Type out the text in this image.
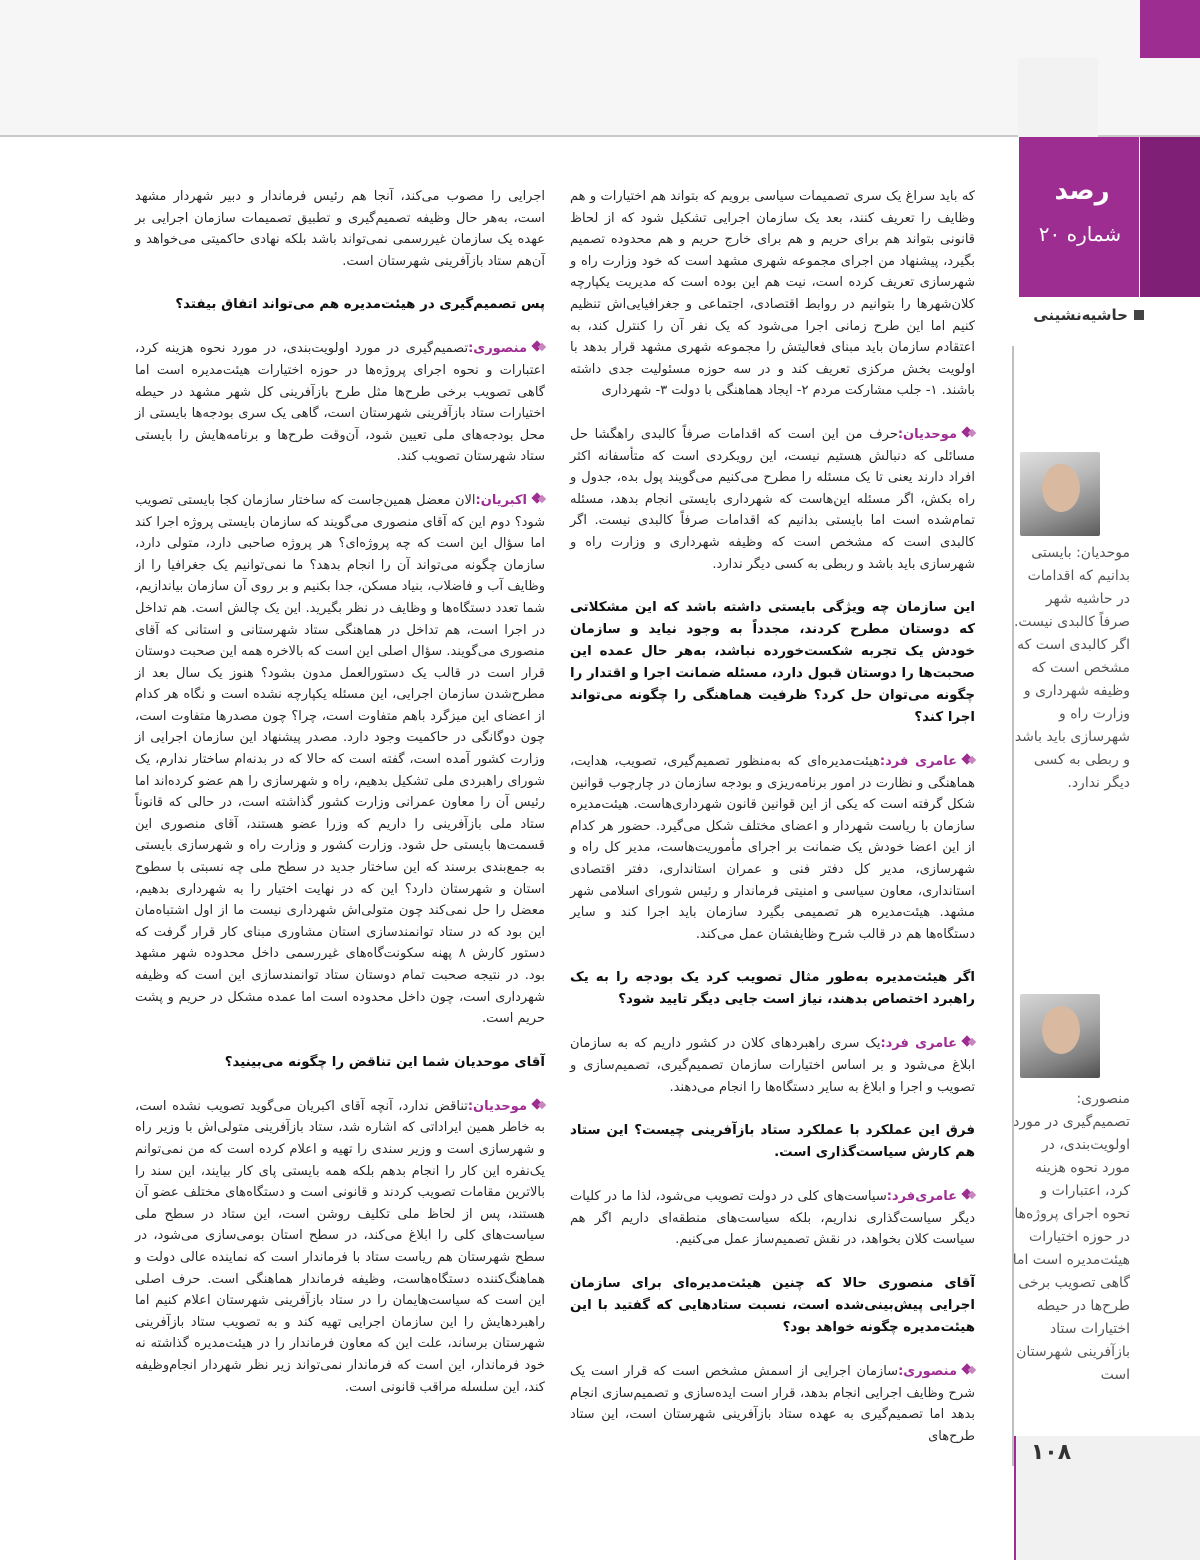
رصد
شماره ۲۰
حاشیه‌نشینی
موحدیان: بایستی بدانیم که اقدامات در حاشیه شهر صرفاً کالبدی نیست. اگر کالبدی است که مشخص است که وظیفه شهرداری و وزارت راه و شهرسازی باید باشد و ربطی به کسی دیگر ندارد.
منصوری: تصمیم‌گیری در مورد اولویت‌بندی، در مورد نحوه هزینه کرد، اعتبارات و نحوه اجرای پروژه‌ها در حوزه اختیارات هیئت‌مدیره است اما گاهی تصویب برخی طرح‌ها در حیطه اختیارات ستاد بازآفرینی شهرستان است

که باید سراغ یک سری تصمیمات سیاسی برویم که بتواند هم اختیارات و هم وظایف را تعریف کنند، بعد یک سازمان اجرایی تشکیل شود که از لحاظ قانونی بتواند هم برای حریم و هم برای خارج حریم و هم محدوده تصمیم بگیرد، پیشنهاد من اجرای مجموعه شهری مشهد است که خود وزارت راه و شهرسازی تعریف کرده است، نیت هم این بوده است که مدیریت یکپارچه کلان‌شهرها را بتوانیم در روابط اقتصادی، اجتماعی و جغرافیایی‌اش تنظیم کنیم اما این طرح زمانی اجرا می‌شود که یک نفر آن را کنترل کند، به اعتقادم سازمان باید مبنای فعالیتش را مجموعه شهری مشهد قرار بدهد با اولویت بخش مرکزی تعریف کند و در سه حوزه مسئولیت جدی داشته باشند. ۱- جلب مشارکت مردم ۲- ایجاد هماهنگی با دولت ۳- شهرداری

موحدیان:حرف من این است که اقدامات صرفاً کالبدی راهگشا حل مسائلی که دنبالش هستیم نیست، این رویکردی است که متأسفانه اکثر افراد دارند یعنی تا یک مسئله را مطرح می‌کنیم می‌گویند پول بده، جدول و راه بکش، اگر مسئله این‌هاست که شهرداری بایستی انجام بدهد، مسئله تمام‌شده است اما بایستی بدانیم که اقدامات صرفاً کالبدی نیست. اگر کالبدی است که مشخص است که وظیفه شهرداری و وزارت راه و شهرسازی باید باشد و ربطی به کسی دیگر ندارد.

این سازمان چه ویژگی بایستی داشته باشد که این مشکلاتی که دوستان مطرح کردند، مجدداً به وجود نیاید و سازمان خودش یک تجربه شکست‌خورده نباشد، به‌هر حال عمده این صحبت‌ها را دوستان قبول دارد، مسئله ضمانت اجرا و اقتدار را چگونه می‌توان حل کرد؟ ظرفیت هماهنگی را چگونه می‌تواند اجرا کند؟

عامری فرد:هیئت‌مدیره‌ای که به‌منظور تصمیم‌گیری، تصویب، هدایت، هماهنگی و نظارت در امور برنامه‌ریزی و بودجه سازمان در چارچوب قوانین شکل گرفته است که یکی از این قوانین قانون شهرداری‌هاست. هیئت‌مدیره سازمان با ریاست شهردار و اعضای مختلف شکل می‌گیرد. حضور هر کدام از این اعضا خودش یک ضمانت بر اجرای مأموریت‌هاست، مدیر کل راه و شهرسازی، مدیر کل دفتر فنی و عمران استانداری، دفتر اقتصادی استانداری، معاون سیاسی و امنیتی فرماندار و رئیس شورای اسلامی شهر مشهد. هیئت‌مدیره هر تصمیمی بگیرد سازمان باید اجرا کند و سایر دستگاه‌ها هم در قالب شرح وظایفشان عمل می‌کند.

اگر هیئت‌مدیره به‌طور مثال تصویب کرد یک بودجه را به یک راهبرد اختصاص بدهند، نیاز است جایی دیگر تایید شود؟

عامری فرد:یک سری راهبردهای کلان در کشور داریم که به سازمان ابلاغ می‌شود و بر اساس اختیارات سازمان تصمیم‌گیری، تصمیم‌سازی و تصویب و اجرا و ابلاغ به سایر دستگاه‌ها را انجام می‌دهند.

فرق این عملکرد با عملکرد ستاد بازآفرینی چیست؟ این ستاد هم کارش سیاست‌گذاری است.

عامری‌فرد:سیاست‌های کلی در دولت تصویب می‌شود، لذا ما در کلیات دیگر سیاست‌گذاری نداریم، بلکه سیاست‌های منطقه‌ای داریم اگر هم سیاست کلان بخواهد، در نقش تصمیم‌ساز عمل می‌کنیم.

آقای منصوری حالا که چنین هیئت‌مدیره‌ای برای سازمان اجرایی پیش‌بینی‌شده است، نسبت ستادهایی که گفتید با این هیئت‌مدیره چگونه خواهد بود؟

منصوری:سازمان اجرایی از اسمش مشخص است که قرار است یک شرح وظایف اجرایی انجام بدهد، قرار است ایده‌سازی و تصمیم‌سازی انجام بدهد اما تصمیم‌گیری به عهده ستاد بازآفرینی شهرستان است، این ستاد طرح‌های

اجرایی را مصوب می‌کند، آنجا هم رئیس فرماندار و دبیر شهردار مشهد است، به‌هر حال وظیفه تصمیم‌گیری و تطبیق تصمیمات سازمان اجرایی بر عهده یک سازمان غیررسمی نمی‌تواند باشد بلکه نهادی حاکمیتی می‌خواهد و آن‌هم ستاد بازآفرینی شهرستان است.

پس تصمیم‌گیری در هیئت‌مدیره هم می‌تواند اتفاق بیفتد؟

منصوری:تصمیم‌گیری در مورد اولویت‌بندی، در مورد نحوه هزینه کرد، اعتبارات و نحوه اجرای پروژه‌ها در حوزه اختیارات هیئت‌مدیره است اما گاهی تصویب برخی طرح‌ها مثل طرح بازآفرینی کل شهر مشهد در حیطه اختیارات ستاد بازآفرینی شهرستان است، گاهی یک سری بودجه‌ها بایستی از محل بودجه‌های ملی تعیین شود، آن‌وقت طرح‌ها و برنامه‌هایش را بایستی ستاد شهرستان تصویب کند.

اکبریان:الان معضل همین‌جاست که ساختار سازمان کجا بایستی تصویب شود؟ دوم این که آقای منصوری می‌گویند که سازمان بایستی پروژه اجرا کند اما سؤال این است که چه پروژه‌ای؟ هر پروژه صاحبی دارد، متولی دارد، سازمان چگونه می‌تواند آن را انجام بدهد؟ ما نمی‌توانیم یک جغرافیا را از وظایف آب و فاضلاب، بنیاد مسکن، جدا بکنیم و بر روی آن سازمان بیاندازیم، شما تعدد دستگاه‌ها و وظایف در نظر بگیرید. این یک چالش است. هم تداخل در اجرا است، هم تداخل در هماهنگی ستاد شهرستانی و استانی که آقای منصوری می‌گویند. سؤال اصلی این است که بالاخره همه این صحبت دوستان قرار است در قالب یک دستورالعمل مدون بشود؟ هنوز یک سال بعد از مطرح‌شدن سازمان اجرایی، این مسئله یکپارچه نشده است و نگاه هر کدام از اعضای این میزگرد باهم متفاوت است، چرا؟ چون مصدرها متفاوت است، چون دوگانگی در حاکمیت وجود دارد. مصدر پیشنهاد این سازمان اجرایی از وزارت کشور آمده است، گفته است که حالا که در بدنه‌ام ساختار ندارم، یک شورای راهبردی ملی تشکیل بدهیم، راه و شهرسازی را هم عضو کرده‌اند اما رئیس آن را معاون عمرانی وزارت کشور گذاشته است، در حالی که قانوناً ستاد ملی بازآفرینی را داریم که وزرا عضو هستند، آقای منصوری این قسمت‌ها بایستی حل شود. وزارت کشور و وزارت راه و شهرسازی بایستی به جمع‌بندی برسند که این ساختار جدید در سطح ملی چه نسبتی با سطوح استان و شهرستان دارد؟ این که در نهایت اختیار را به شهرداری بدهیم، معضل را حل نمی‌کند چون متولی‌اش شهرداری نیست ما از اول اشتباه‌مان این بود که در ستاد توانمندسازی استان مشاوری مبنای کار قرار گرفت که دستور کارش ۸ پهنه سکونت‌گاه‌های غیررسمی داخل محدوده شهر مشهد بود. در نتیجه صحبت تمام دوستان ستاد توانمندسازی این است که وظیفه شهرداری است، چون داخل محدوده است اما عمده مشکل در حریم و پشت حریم است.

آقای موحدیان شما این تناقض را چگونه می‌بینید؟

موحدیان:تناقض ندارد، آنچه آقای اکبریان می‌گوید تصویب نشده است، به خاطر همین ایراداتی که اشاره شد، ستاد بازآفرینی متولی‌اش با وزیر راه و شهرسازی است و وزیر سندی را تهیه و اعلام کرده است که من نمی‌توانم یک‌نفره این کار را انجام بدهم بلکه همه بایستی پای کار بیایند، این سند را بالاترین مقامات تصویب کردند و قانونی است و دستگاه‌های مختلف عضو آن هستند، پس از لحاظ ملی تکلیف روشن است، این ستاد در سطح ملی سیاست‌های کلی را ابلاغ می‌کند، در سطح استان بومی‌سازی می‌شود، در سطح شهرستان هم ریاست ستاد با فرماندار است که نماینده عالی دولت و هماهنگ‌کننده دستگاه‌هاست، وظیفه فرماندار هماهنگی است. حرف اصلی این است که سیاست‌هایمان را در ستاد بازآفرینی شهرستان اعلام کنیم اما راهبردهایش را این سازمان اجرایی تهیه کند و به تصویب ستاد بازآفرینی شهرستان برساند، علت این که معاون فرماندار را در هیئت‌مدیره گذاشته نه خود فرماندار، این است که فرماندار نمی‌تواند زیر نظر شهردار انجام‌وظیفه کند، این سلسله مراقب قانونی است.

۱۰۸
